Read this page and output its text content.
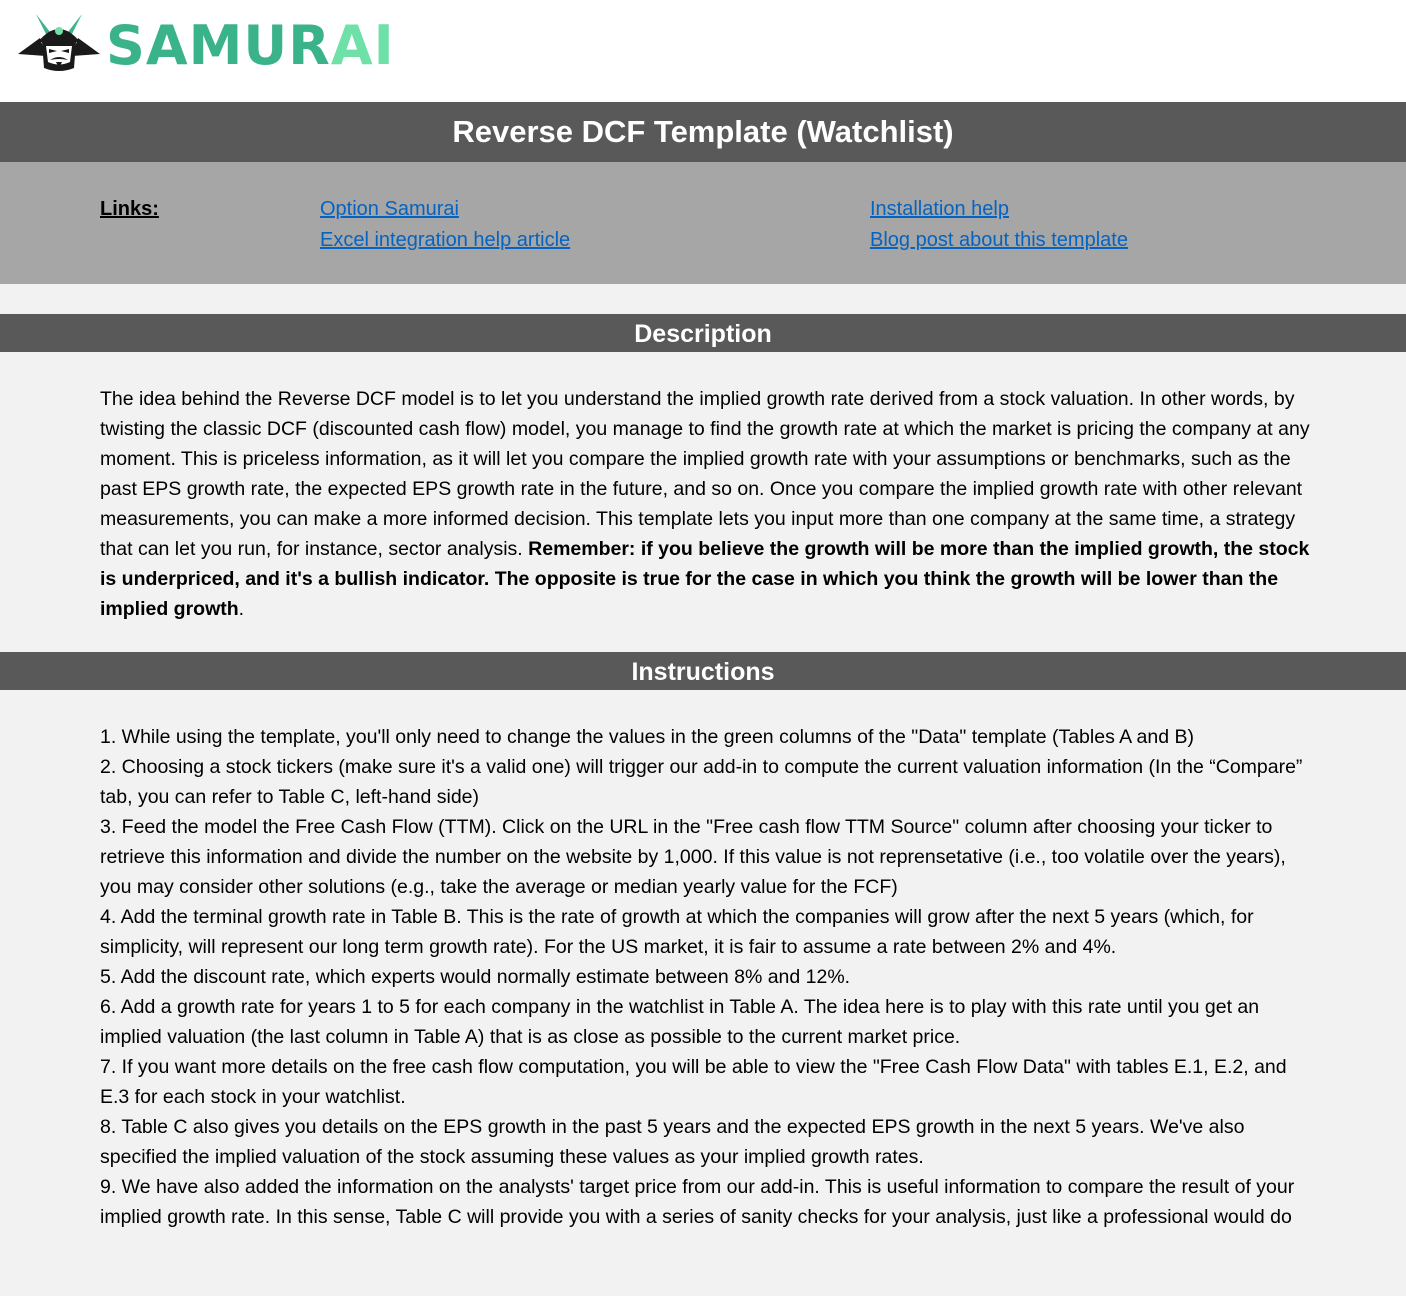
SAMURAI
Reverse DCF Template (Watchlist)
Links:	Option Samurai
Excel integration help article
Installation help
Blog post about this template
Description
The idea behind the Reverse DCF model is to let you understand the implied growth rate derived from a stock valuation. In other words, by twisting the classic DCF (discounted cash flow) model, you manage to find the growth rate at which the market is pricing the company at any moment. This is priceless information, as it will let you compare the implied growth rate with your assumptions or benchmarks, such as the past EPS growth rate, the expected EPS growth rate in the future, and so on. Once you compare the implied growth rate with other relevant measurements, you can make a more informed decision. This template lets you input more than one company at the same time, a strategy that can let you run, for instance, sector analysis. Remember: if you believe the growth will be more than the implied growth, the stock is underpriced, and it's a bullish indicator. The opposite is true for the case in which you think the growth will be lower than the implied growth.
Instructions

1. While using the template, you'll only need to change the values in the green columns of the "Data" template (Tables A and B)

2. Choosing a stock tickers (make sure it's a valid one) will trigger our add-in to compute the current valuation information (In the “Compare” tab, you can refer to Table C, left-hand side)

3. Feed the model the Free Cash Flow (TTM). Click on the URL in the "Free cash flow TTM Source" column after choosing your ticker to retrieve this information and divide the number on the website by 1,000. If this value is not reprensetative (i.e., too volatile over the years), you may consider other solutions (e.g., take the average or median yearly value for the FCF)

4. Add the terminal growth rate in Table B. This is the rate of growth at which the companies will grow after the next 5 years (which, for simplicity, will represent our long term growth rate). For the US market, it is fair to assume a rate between 2% and 4%.

5. Add the discount rate, which experts would normally estimate between 8% and 12%.

6. Add a growth rate for years 1 to 5 for each company in the watchlist in Table A. The idea here is to play with this rate until you get an implied valuation (the last column in Table A) that is as close as possible to the current market price.

7. If you want more details on the free cash flow computation, you will be able to view the "Free Cash Flow Data" with tables E.1, E.2, and E.3 for each stock in your watchlist.

8. Table C also gives you details on the EPS growth in the past 5 years and the expected EPS growth in the next 5 years. We've also specified the implied valuation of the stock assuming these values as your implied growth rates.

9. We have also added the information on the analysts' target price from our add-in. This is useful information to compare the result of your implied growth rate. In this sense, Table C will provide you with a series of sanity checks for your analysis, just like a professional would do
